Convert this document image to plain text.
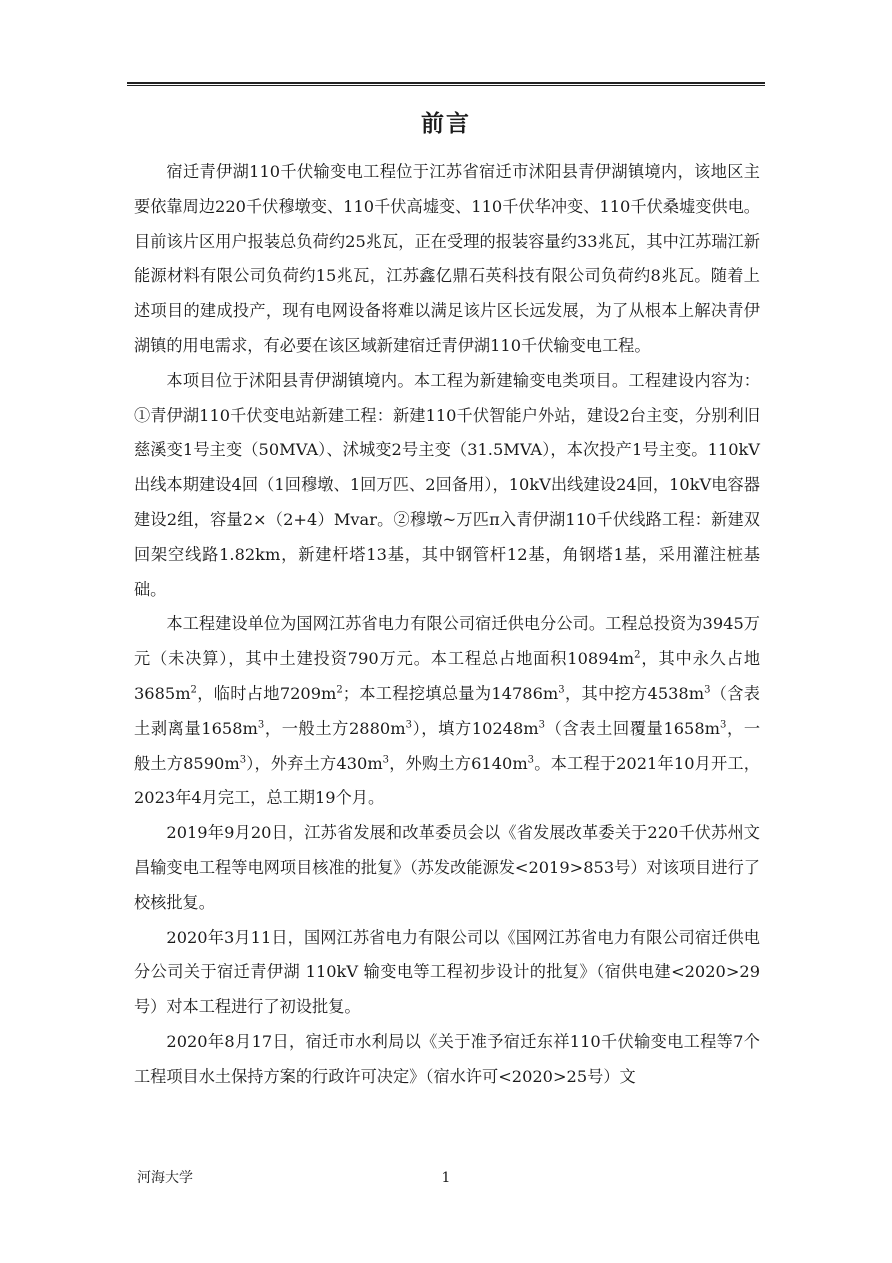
前言

宿迁青伊湖110千伏输变电工程位于江苏省宿迁市沭阳县青伊湖镇境内，该地区主要依靠周边220千伏穆墩变、110千伏高墟变、110千伏华冲变、110千伏桑墟变供电。目前该片区用户报装总负荷约25兆瓦，正在受理的报装容量约33兆瓦，其中江苏瑞江新能源材料有限公司负荷约15兆瓦，江苏鑫亿鼎石英科技有限公司负荷约8兆瓦。随着上述项目的建成投产，现有电网设备将难以满足该片区长远发展，为了从根本上解决青伊湖镇的用电需求，有必要在该区域新建宿迁青伊湖110千伏输变电工程。

本项目位于沭阳县青伊湖镇境内。本工程为新建输变电类项目。工程建设内容为：①青伊湖110千伏变电站新建工程：新建110千伏智能户外站，建设2台主变，分别利旧慈溪变1号主变（50MVA）、沭城变2号主变（31.5MVA），本次投产1号主变。110kV出线本期建设4回（1回穆墩、1回万匹、2回备用），10kV出线建设24回，10kV电容器建设2组，容量2×（2+4）Mvar。②穆墩~万匹π入青伊湖110千伏线路工程：新建双回架空线路1.82km，新建杆塔13基，其中钢管杆12基，角钢塔1基，采用灌注桩基础。

本工程建设单位为国网江苏省电力有限公司宿迁供电分公司。工程总投资为3945万元（未决算），其中土建投资790万元。本工程总占地面积$10894m^2$，其中永久占地$3685m^2$，临时占地$7209m^2$；本工程挖填总量为$14786m^3$，其中挖方$4538m^3$（含表土剥离量$1658m^3$，一般土方$2880m^3$），填方$10248m^3$（含表土回覆量$1658m^3$，一般土方$8590m^3$），外弃土方$430m^3$，外购土方$6140m^3$。本工程于2021年10月开工，2023年4月完工，总工期19个月。

2019年9月20日，江苏省发展和改革委员会以《省发展改革委关于220千伏苏州文昌输变电工程等电网项目核准的批复》（苏发改能源发<2019>853号）对该项目进行了校核批复。

2020年3月11日，国网江苏省电力有限公司以《国网江苏省电力有限公司宿迁供电分公司关于宿迁青伊湖 110kV 输变电等工程初步设计的批复》（宿供电建<2020>29号）对本工程进行了初设批复。

2020年8月17日，宿迁市水利局以《关于准予宿迁东祥110千伏输变电工程等7个工程项目水土保持方案的行政许可决定》（宿水许可<2020>25号）文

河海大学	1
